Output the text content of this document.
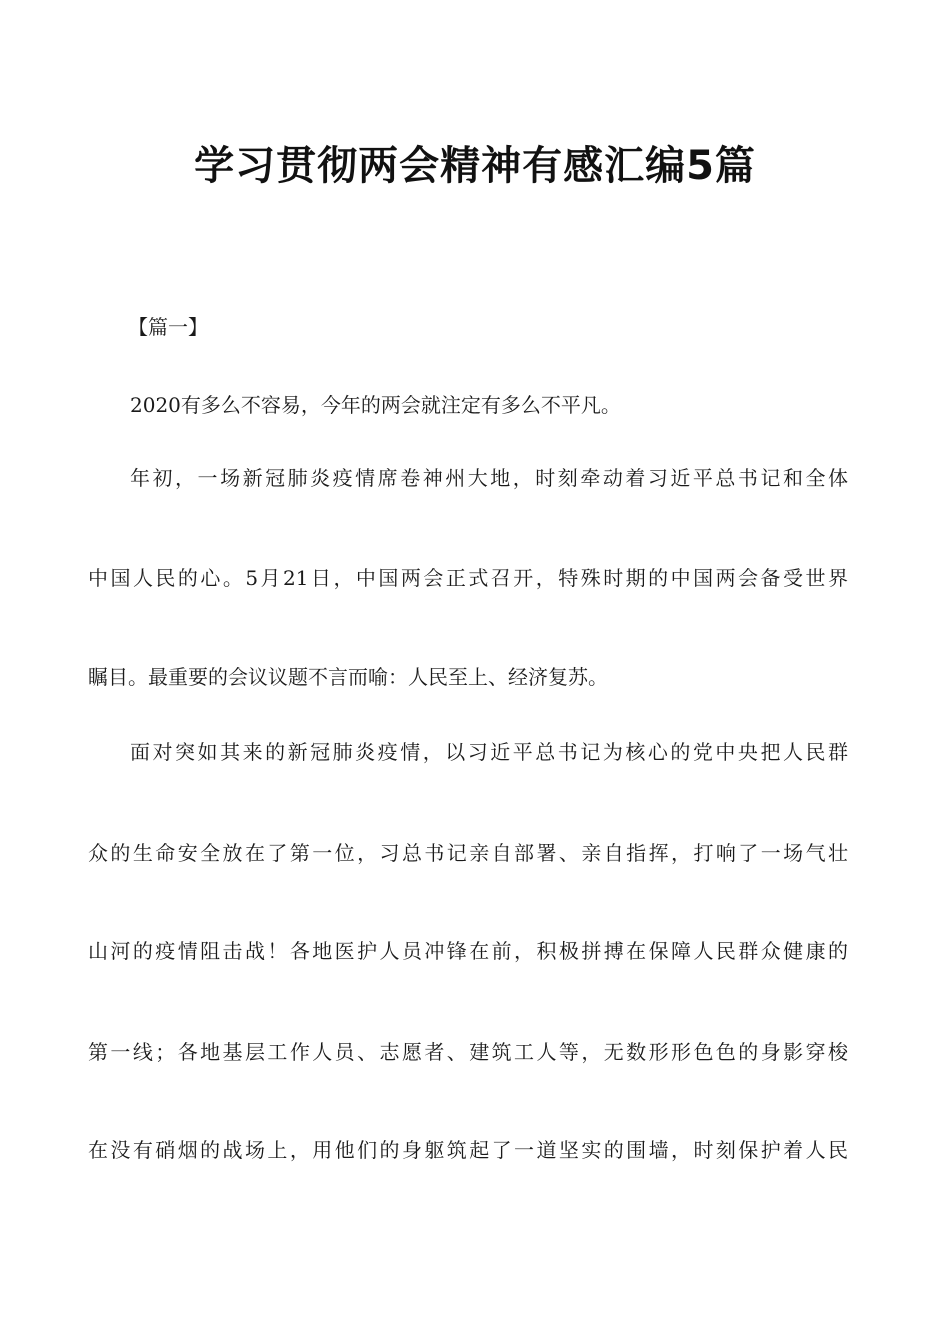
学习贯彻两会精神有感汇编5篇

【篇一】

2020有多么不容易，今年的两会就注定有多么不平凡。

年初，一场新冠肺炎疫情席卷神州大地，时刻牵动着习近平总书记和全体

中国人民的心。5月21日，中国两会正式召开，特殊时期的中国两会备受世界

瞩目。最重要的会议议题不言而喻：人民至上、经济复苏。

面对突如其来的新冠肺炎疫情，以习近平总书记为核心的党中央把人民群

众的生命安全放在了第一位，习总书记亲自部署、亲自指挥，打响了一场气壮

山河的疫情阻击战！各地医护人员冲锋在前，积极拼搏在保障人民群众健康的

第一线；各地基层工作人员、志愿者、建筑工人等，无数形形色色的身影穿梭

在没有硝烟的战场上，用他们的身躯筑起了一道坚实的围墙，时刻保护着人民
